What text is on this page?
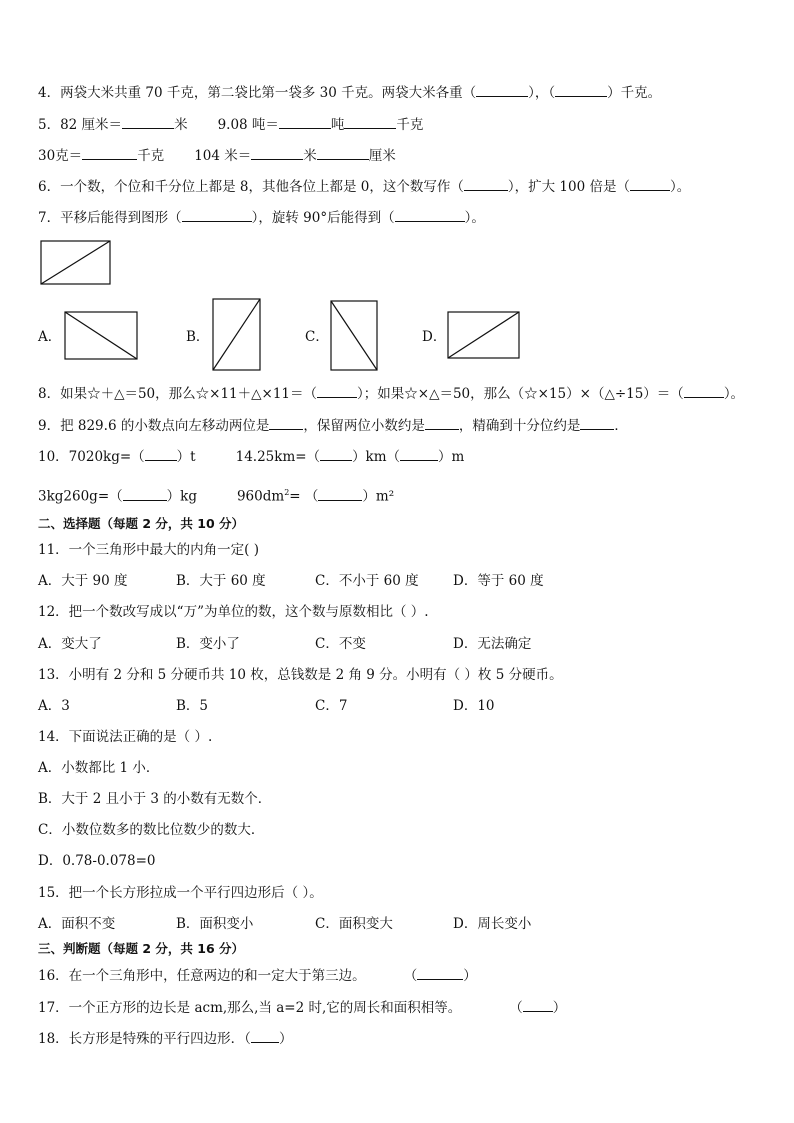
4．两袋大米共重 70 千克，第二袋比第一袋多 30 千克。两袋大米各重（	），（	）千克。
5．82 厘米＝	米 9.08 吨＝	吨	千克
30克＝	千克 104 米＝	米	厘米
6．一个数，个位和千分位上都是 8，其他各位上都是 0，这个数写作（	），扩大 100 倍是（	）。
7．平移后能得到图形（	），旋转 90°后能得到（	）。
A．	B．	C．	D．
8．如果☆＋△＝50，那么☆×11＋△×11＝（	）；如果☆×△＝50，那么（☆×15）×（△÷15）＝（	）。
9．把 829.6 的小数点向左移动两位是	，保留两位小数约是	，精确到十分位约是	．
10．7020kg=（ ）t	14.25km=（ ）km（	）m
3kg260g=（	）kg	$960dm^2=$ （	）m²
二、选择题（每题 2 分，共 10 分）
11．一个三角形中最大的内角一定( )
A．大于 90 度	B．大于 60 度	C．不小于 60 度	D．等于 60 度
12．把一个数改写成以“万”为单位的数，这个数与原数相比（ ）.
A．变大了	B．变小了	C．不变	D．无法确定
13．小明有 2 分和 5 分硬币共 10 枚，总钱数是 2 角 9 分。小明有（ ）枚 5 分硬币。
A．3	B．5	C．7	D．10
14．下面说法正确的是（ ）.
A．小数都比 1 小．
B．大于 2 且小于 3 的小数有无数个．
C．小数位数多的数比位数少的数大．
D．0.78-0.078=0
15．把一个长方形拉成一个平行四边形后（ ）。
A．面积不变	B．面积变小	C．面积变大	D．周长变小
三、判断题（每题 2 分，共 16 分）
16．在一个三角形中，任意两边的和一定大于第三边。	（	）
17．一个正方形的边长是 acm,那么,当 a=2 时,它的周长和面积相等。	（ ）
18．长方形是特殊的平行四边形．（ ）
